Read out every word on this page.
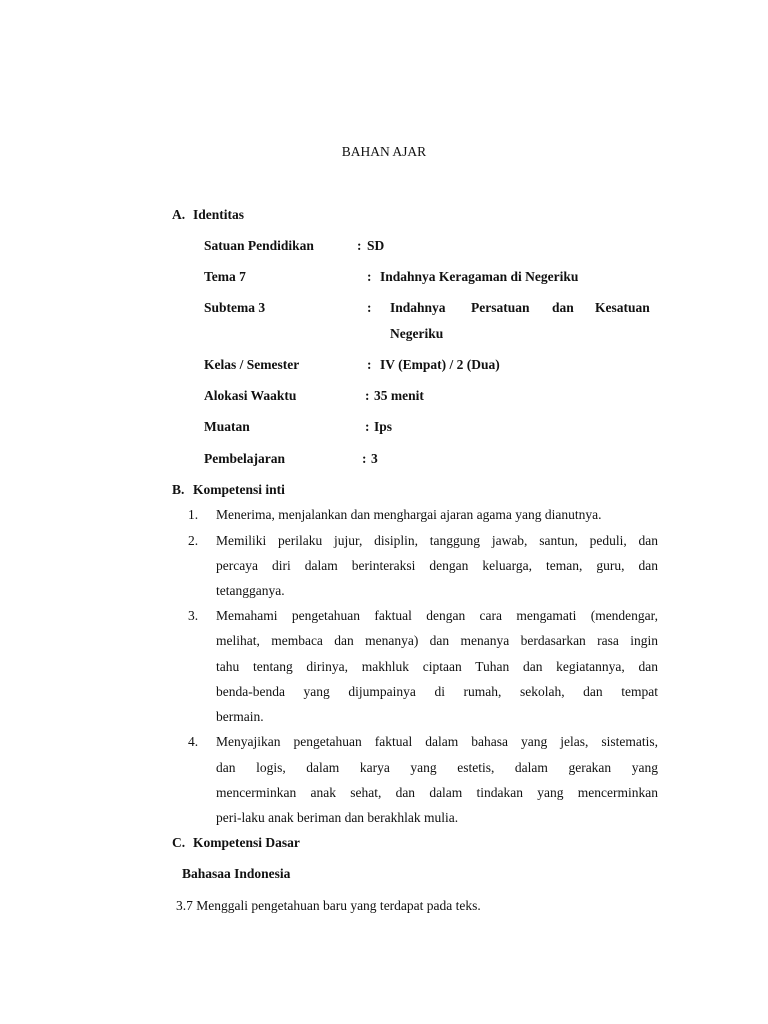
BAHAN AJAR
A. Identitas
Satuan Pendidikan	: SD
Tema 7	: Indahnya Keragaman di Negeriku
Subtema 3	: Indahnya Persatuan dan Kesatuan
Negeriku
Kelas / Semester	: IV (Empat) / 2 (Dua)
Alokasi Waaktu	: 35 menit
Muatan	: Ips
Pembelajaran	: 3
B. Kompetensi inti
1. Menerima, menjalankan dan menghargai ajaran agama yang dianutnya.
2. Memiliki perilaku jujur, disiplin, tanggung jawab, santun, peduli, dan
percaya diri dalam berinteraksi dengan keluarga, teman, guru, dan
tetangganya.
3. Memahami pengetahuan faktual dengan cara mengamati (mendengar,
melihat, membaca dan menanya) dan menanya berdasarkan rasa ingin
tahu tentang dirinya, makhluk ciptaan Tuhan dan kegiatannya, dan
benda-benda yang dijumpainya di rumah, sekolah, dan tempat
bermain.
4. Menyajikan pengetahuan faktual dalam bahasa yang jelas, sistematis,
dan logis, dalam karya yang estetis, dalam gerakan yang
mencerminkan anak sehat, dan dalam tindakan yang mencerminkan
peri-laku anak beriman dan berakhlak mulia.
C. Kompetensi Dasar
Bahasaa Indonesia
3.7 Menggali pengetahuan baru yang terdapat pada teks.
